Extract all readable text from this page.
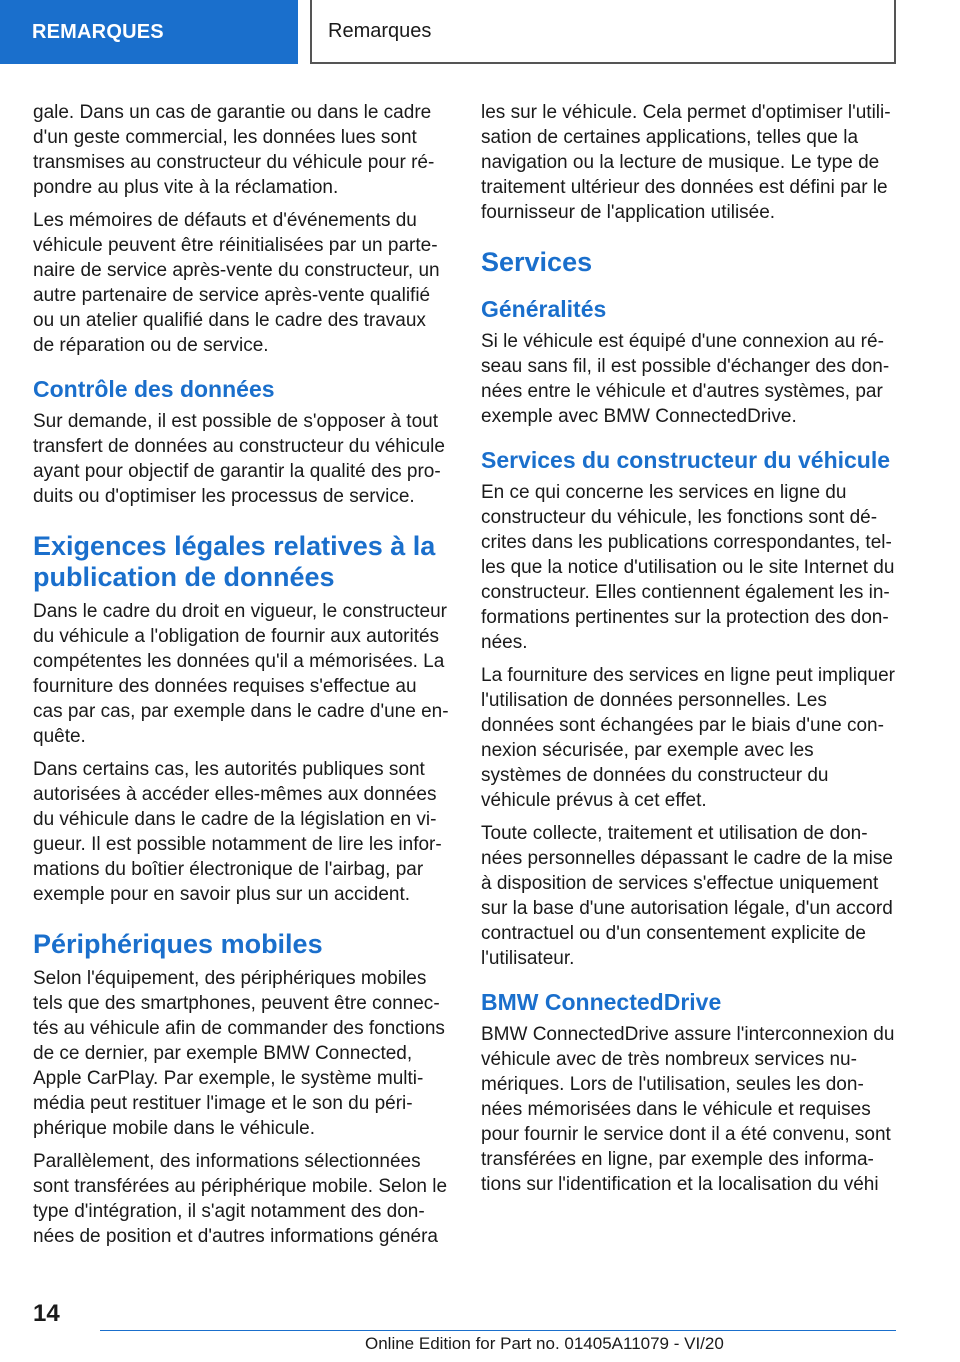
REMARQUES	Remarques

gale. Dans un cas de garantie ou dans le cadre d'un geste commercial, les données lues sont transmises au constructeur du véhicule pour répondre au plus vite à la réclamation.

Les mémoires de défauts et d'événements du véhicule peuvent être réinitialisées par un partenaire de service après-vente du constructeur, un autre partenaire de service après-vente qualifié ou un atelier qualifié dans le cadre des travaux de réparation ou de service.

Contrôle des données

Sur demande, il est possible de s'opposer à tout transfert de données au constructeur du véhicule ayant pour objectif de garantir la qualité des produits ou d'optimiser les processus de service.

Exigences légales relatives à la publication de données

Dans le cadre du droit en vigueur, le constructeur du véhicule a l'obligation de fournir aux autorités compétentes les données qu'il a mémorisées. La fourniture des données requises s'effectue au cas par cas, par exemple dans le cadre d'une enquête.

Dans certains cas, les autorités publiques sont autorisées à accéder elles-mêmes aux données du véhicule dans le cadre de la législation en vigueur. Il est possible notamment de lire les informations du boîtier électronique de l'airbag, par exemple pour en savoir plus sur un accident.

Périphériques mobiles

Selon l'équipement, des périphériques mobiles tels que des smartphones, peuvent être connectés au véhicule afin de commander des fonctions de ce dernier, par exemple BMW Connected, Apple CarPlay. Par exemple, le système multimédia peut restituer l'image et le son du périphérique mobile dans le véhicule.

Parallèlement, des informations sélectionnées sont transférées au périphérique mobile. Selon le type d'intégration, il s'agit notamment des données de position et d'autres informations généra

les sur le véhicule. Cela permet d'optimiser l'utilisation de certaines applications, telles que la navigation ou la lecture de musique. Le type de traitement ultérieur des données est défini par le fournisseur de l'application utilisée.

Services
Généralités

Si le véhicule est équipé d'une connexion au réseau sans fil, il est possible d'échanger des données entre le véhicule et d'autres systèmes, par exemple avec BMW ConnectedDrive.

Services du constructeur du véhicule

En ce qui concerne les services en ligne du constructeur du véhicule, les fonctions sont décrites dans les publications correspondantes, telles que la notice d'utilisation ou le site Internet du constructeur. Elles contiennent également les informations pertinentes sur la protection des données.

La fourniture des services en ligne peut impliquer l'utilisation de données personnelles. Les données sont échangées par le biais d'une connexion sécurisée, par exemple avec les systèmes de données du constructeur du véhicule prévus à cet effet.

Toute collecte, traitement et utilisation de données personnelles dépassant le cadre de la mise à disposition de services s'effectue uniquement sur la base d'une autorisation légale, d'un accord contractuel ou d'un consentement explicite de l'utilisateur.

BMW ConnectedDrive

BMW ConnectedDrive assure l'interconnexion du véhicule avec de très nombreux services numériques. Lors de l'utilisation, seules les données mémorisées dans le véhicule et requises pour fournir le service dont il a été convenu, sont transférées en ligne, par exemple des informations sur l'identification et la localisation du véhi

14
Online Edition for Part no. 01405A11079 - VI/20
